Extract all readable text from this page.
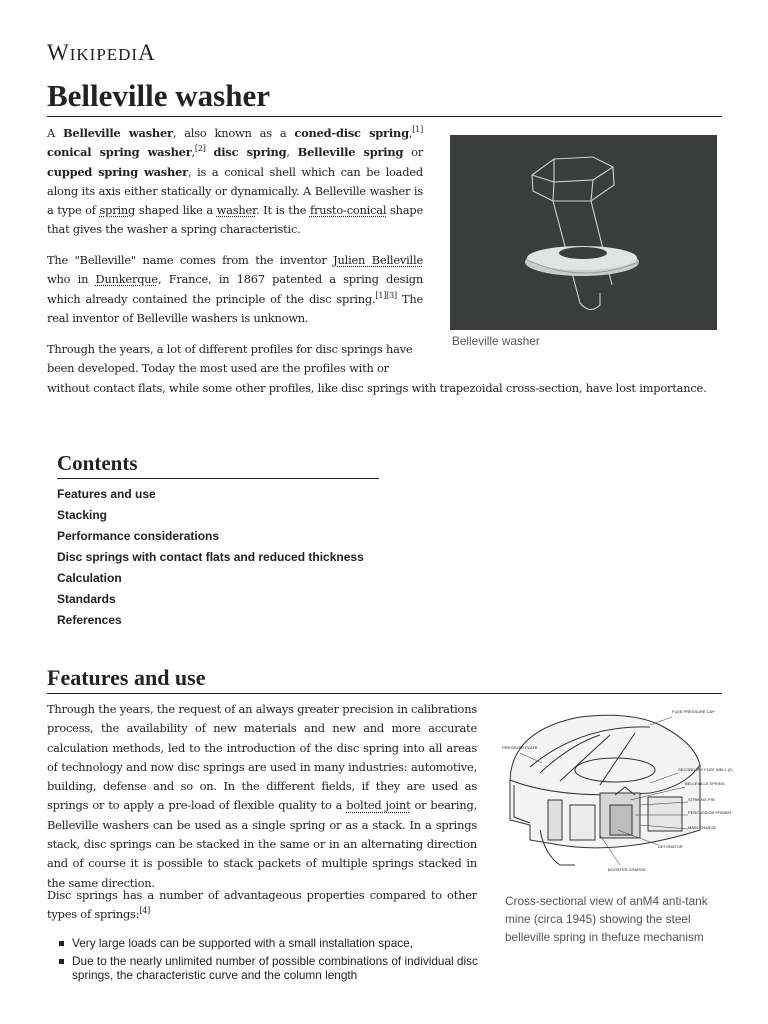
WIKIPEDIA
Belleville washer

A Belleville washer, also known as a coned-disc spring,[1] conical spring washer,[2] disc spring, Belleville spring or cupped spring washer, is a conical shell which can be loaded along its axis either statically or dynamically. A Belleville washer is a type of spring shaped like a washer. It is the frusto-conical shape that gives the washer a spring characteristic.

The "Belleville" name comes from the inventor Julien Belleville who in Dunkerque, France, in 1867 patented a spring design which already contained the principle of the disc spring.[1][3] The real inventor of Belleville washers is unknown.

Through the years, a lot of different profiles for disc springs have been developed. Today the most used are the profiles with or without contact flats, while some other profiles, like disc springs with trapezoidal cross-section, have lost importance.

Belleville washer
Contents
Features and use
Stacking
Performance considerations
Disc springs with contact flats and reduced thickness
Calculation
Standards
References
Features and use

Through the years, the request of an always greater precision in calibrations process, the availability of new materials and new and more accurate calculation methods, led to the introduction of the disc spring into all areas of technology and now disc springs are used in many industries: automotive, building, defense and so on. In the different fields, if they are used as springs or to apply a pre-load of flexible quality to a bolted joint or bearing, Belleville washers can be used as a single spring or as a stack. In a springs stack, disc springs can be stacked in the same or in an alternating direction and of course it is possible to stack packets of multiple springs stacked in the same direction.

Disc springs has a number of advantageous properties compared to other types of springs:[4]

Very large loads can be supported with a small installation space,
Due to the nearly unlimited number of possible combinations of individual disc springs, the characteristic curve and the column length
FUZE PRESSURE CAP
PRESSURE PLATE
SECONDARY FUZE WELL (2)
BELLEVILLE SPRING
STRIKING PIN
PERCUSSION PRIMER
MAIN CHARGE
DETONATOR
BOOSTER CHARGE
Cross-sectional view of anM4 anti-tank mine (circa 1945) showing the steel belleville spring in thefuze mechanism
